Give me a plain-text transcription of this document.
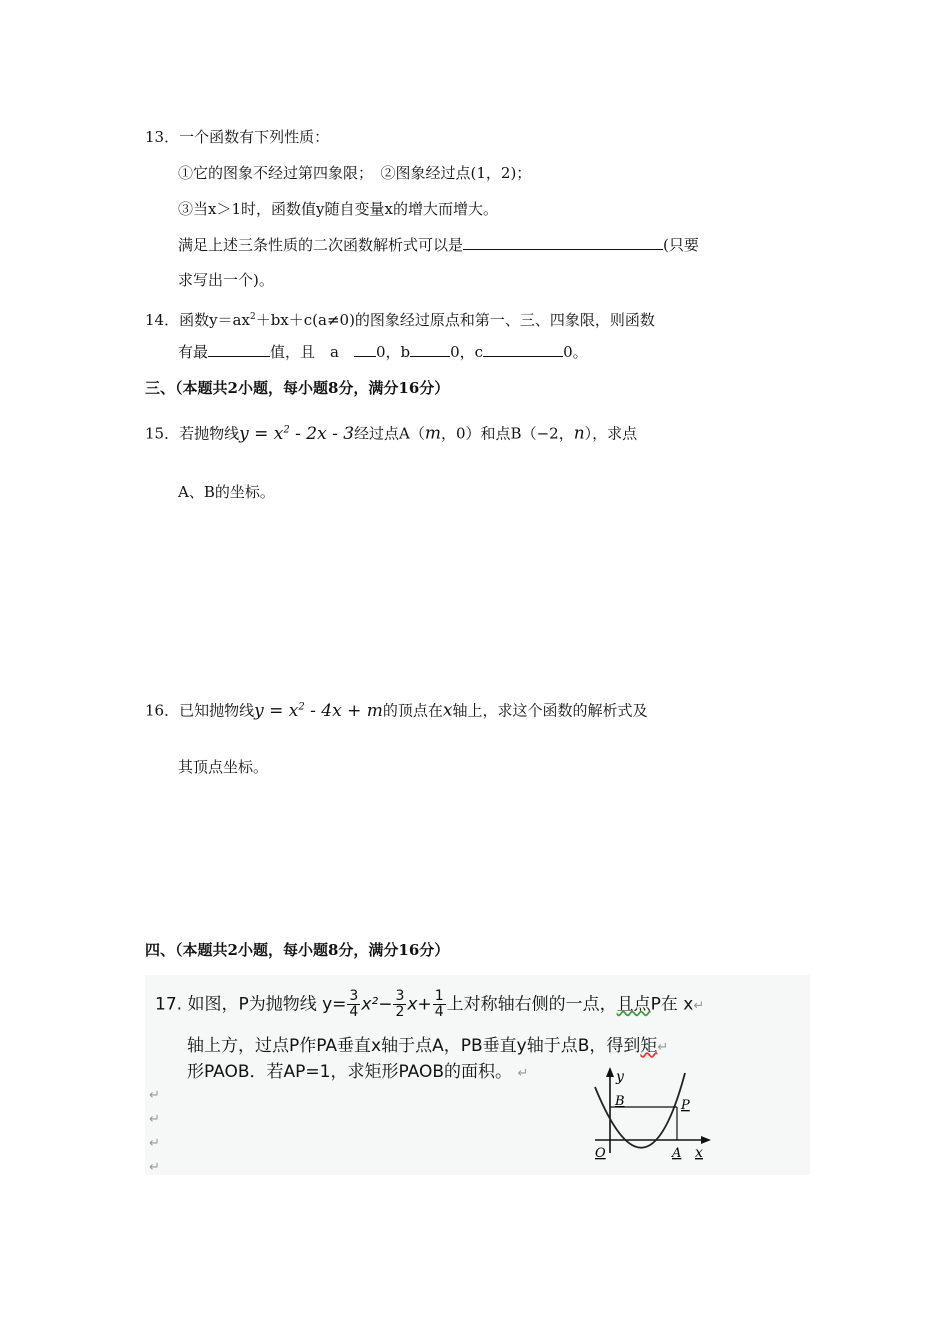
13．一个函数有下列性质：
①它的图象不经过第四象限；　②图象经过点(1，2)；
③当x＞1时，函数值y随自变量x的增大而增大。
满足上述三条性质的二次函数解析式可以是	(只要
求写出一个)。
14．函数$y=ax^2+bx+c(a\ne 0)$的图象经过原点和第一、三、四象限，则函数
有最	值，且　a　0，b	0，c	0。
三、（本题共2小题，每小题8分，满分16分）
15．若抛物线$y = x^2 - 2x - 3$经过点A（m，0）和点B（−2，n），求点
A、B的坐标。
16．已知抛物线$y = x^2 - 4x + m$的顶点在x轴上，求这个函数的解析式及
其顶点坐标。
四、（本题共2小题，每小题8分，满分16分）
17. 如图，P为抛物线 $y= \frac{3}{4} x^2- \frac{3}{2} x+ \frac{1}{4}$ 上对称轴右侧的一点，且点P在 x↵
轴上方，过点P作PA垂直x轴于点A，PB垂直y轴于点B，得到矩↵
形PAOB．若AP=1，求矩形PAOB的面积。 ↵
↵
↵
↵
↵
y
B	P
O	A x
